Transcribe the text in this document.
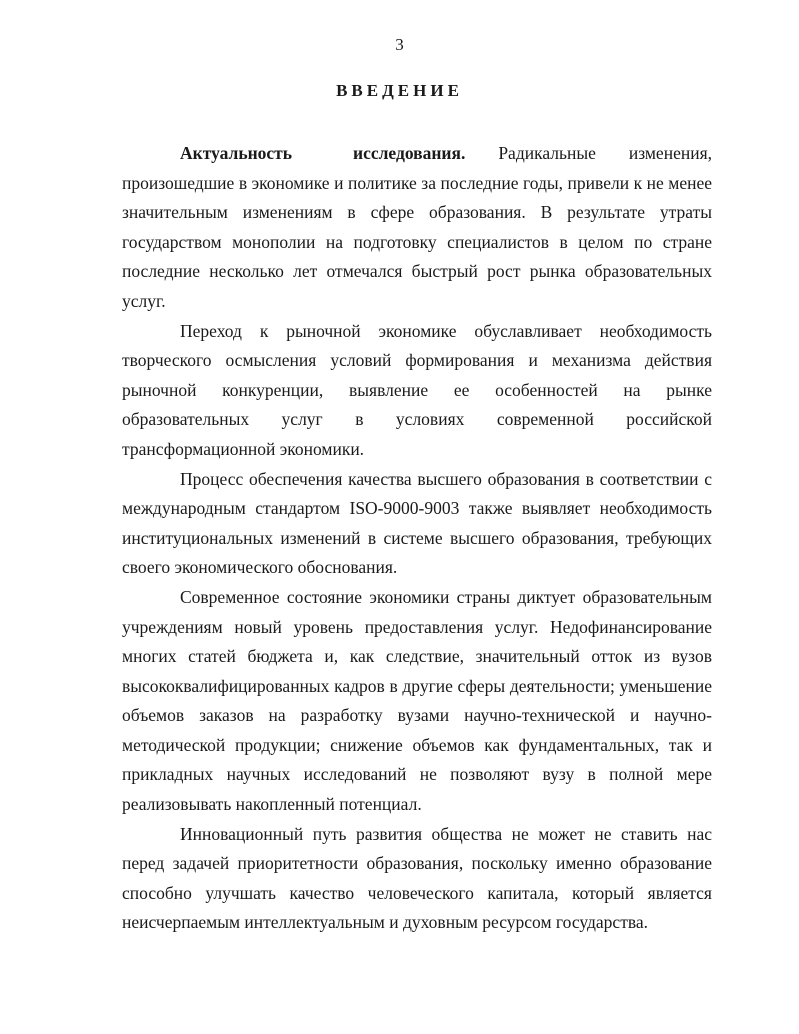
3
ВВЕДЕНИЕ

Актуальность исследования. Радикальные изменения, произошедшие в экономике и политике за последние годы, привели к не менее значительным изменениям в сфере образования. В результате утраты государством монополии на подготовку специалистов в целом по стране последние несколько лет отмечался быстрый рост рынка образовательных услуг.

Переход к рыночной экономике обуславливает необходимость творческого осмысления условий формирования и механизма действия рыночной конкуренции, выявление ее особенностей на рынке образовательных услуг в условиях современной российской трансформационной экономики.

Процесс обеспечения качества высшего образования в соответствии с международным стандартом ISO-9000-9003 также выявляет необходимость институциональных изменений в системе высшего образования, требующих своего экономического обоснования.

Современное состояние экономики страны диктует образовательным учреждениям новый уровень предоставления услуг. Недофинансирование многих статей бюджета и, как следствие, значительный отток из вузов высококвалифицированных кадров в другие сферы деятельности; уменьшение объемов заказов на разработку вузами научно-технической и научно-методической продукции; снижение объемов как фундаментальных, так и прикладных научных исследований не позволяют вузу в полной мере реализовывать накопленный потенциал.

Инновационный путь развития общества не может не ставить нас перед задачей приоритетности образования, поскольку именно образование способно улучшать качество человеческого капитала, который является неисчерпаемым интеллектуальным и духовным ресурсом государства.
